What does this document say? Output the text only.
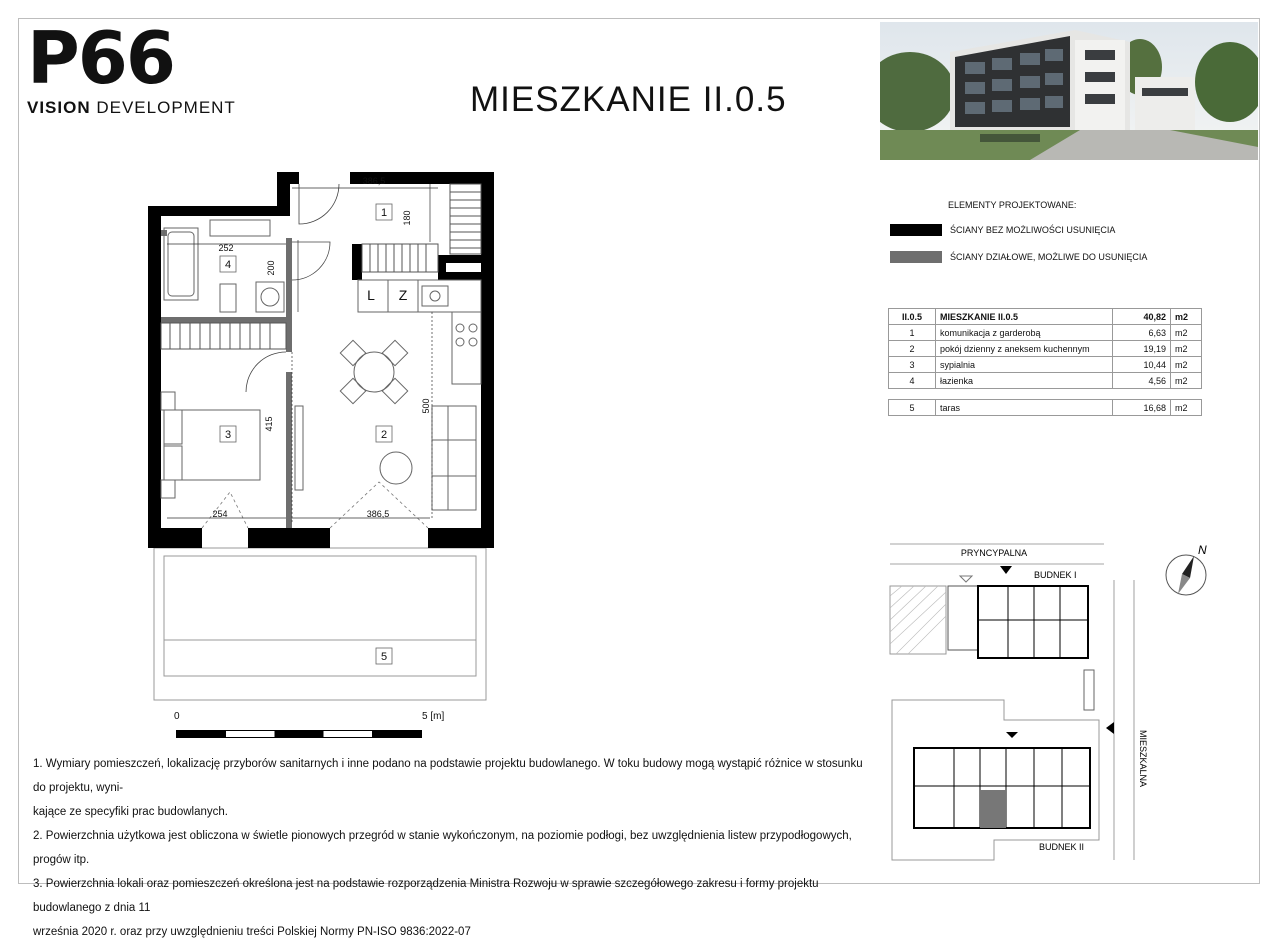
P66
VISION DEVELOPMENT	MIESZKANIE II.0.5
ELEMENTY PROJEKTOWANE:
ŚCIANY BEZ MOŻLIWOŚCI USUNIĘCIA
ŚCIANY DZIAŁOWE, MOŻLIWE DO USUNIĘCIA
II.0.5	MIESZKANIE II.0.5	40,82	m2
1	komunikacja z garderobą	6,63	m2
2	pokój dzienny z aneksem kuchennym	19,19	m2
3	sypialnia	10,44	m2
4	łazienka	4,56	m2

5	taras	16,68	m2
386,5
180
252
200
500
415
254	386,5
1
4
3	2
5
L Z
0	5 [m]
PRYNCYPALNA
MIESZKALNA
N
BUDNEK I
BUDNEK II

1. Wymiary pomieszczeń, lokalizację przyborów sanitarnych i inne podano na podstawie projektu budowlanego. W toku budowy mogą wystąpić różnice w stosunku do projektu, wyni-

kające ze specyfiki prac budowlanych.

2. Powierzchnia użytkowa jest obliczona w świetle pionowych przegród w stanie wykończonym, na poziomie podłogi, bez uwzględnienia listew przypodłogowych, progów itp.

3. Powierzchnia lokali oraz pomieszczeń określona jest na podstawie rozporządzenia Ministra Rozwoju w sprawie szczegółowego zakresu i formy projektu budowlanego z dnia 11

września 2020 r. oraz przy uwzględnieniu treści Polskiej Normy PN-ISO 9836:2022-07
